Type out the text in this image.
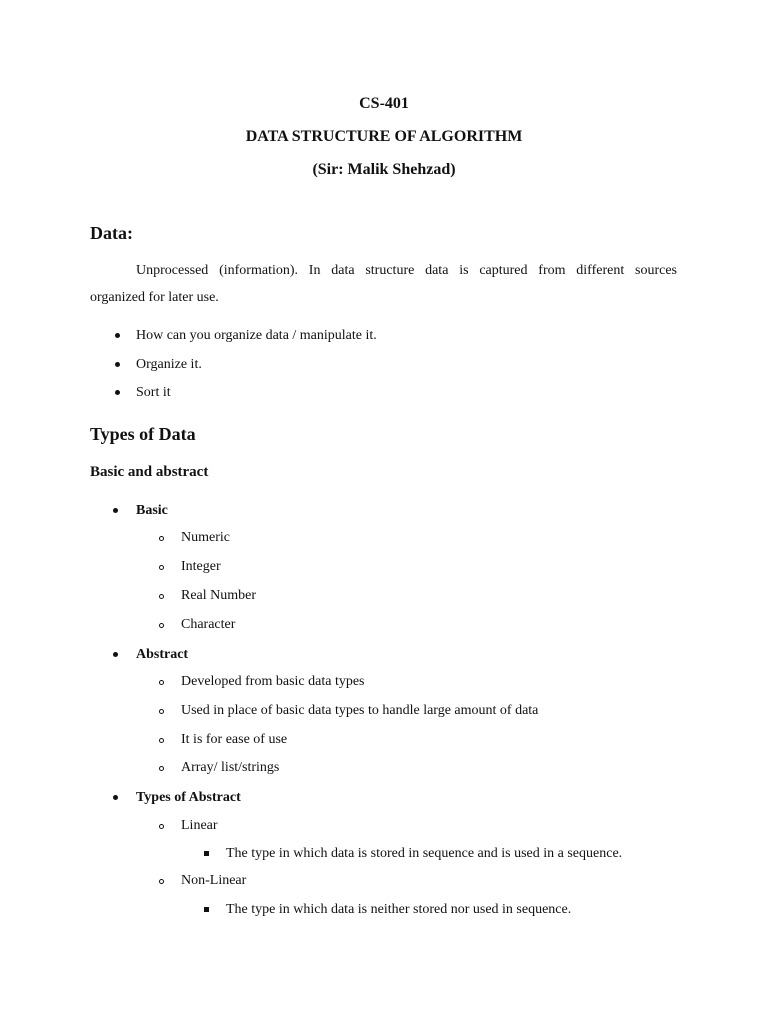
CS-401
DATA STRUCTURE OF ALGORITHM
(Sir: Malik Shehzad)
Data:
Unprocessed (information). In data structure data is captured from different sources
organized for later use.
How can you organize data / manipulate it.
Organize it.
Sort it
Types of Data
Basic and abstract
Basic
Numeric
Integer
Real Number
Character
Abstract
Developed from basic data types
Used in place of basic data types to handle large amount of data
It is for ease of use
Array/ list/strings
Types of Abstract
Linear
The type in which data is stored in sequence and is used in a sequence.
Non-Linear
The type in which data is neither stored nor used in sequence.
